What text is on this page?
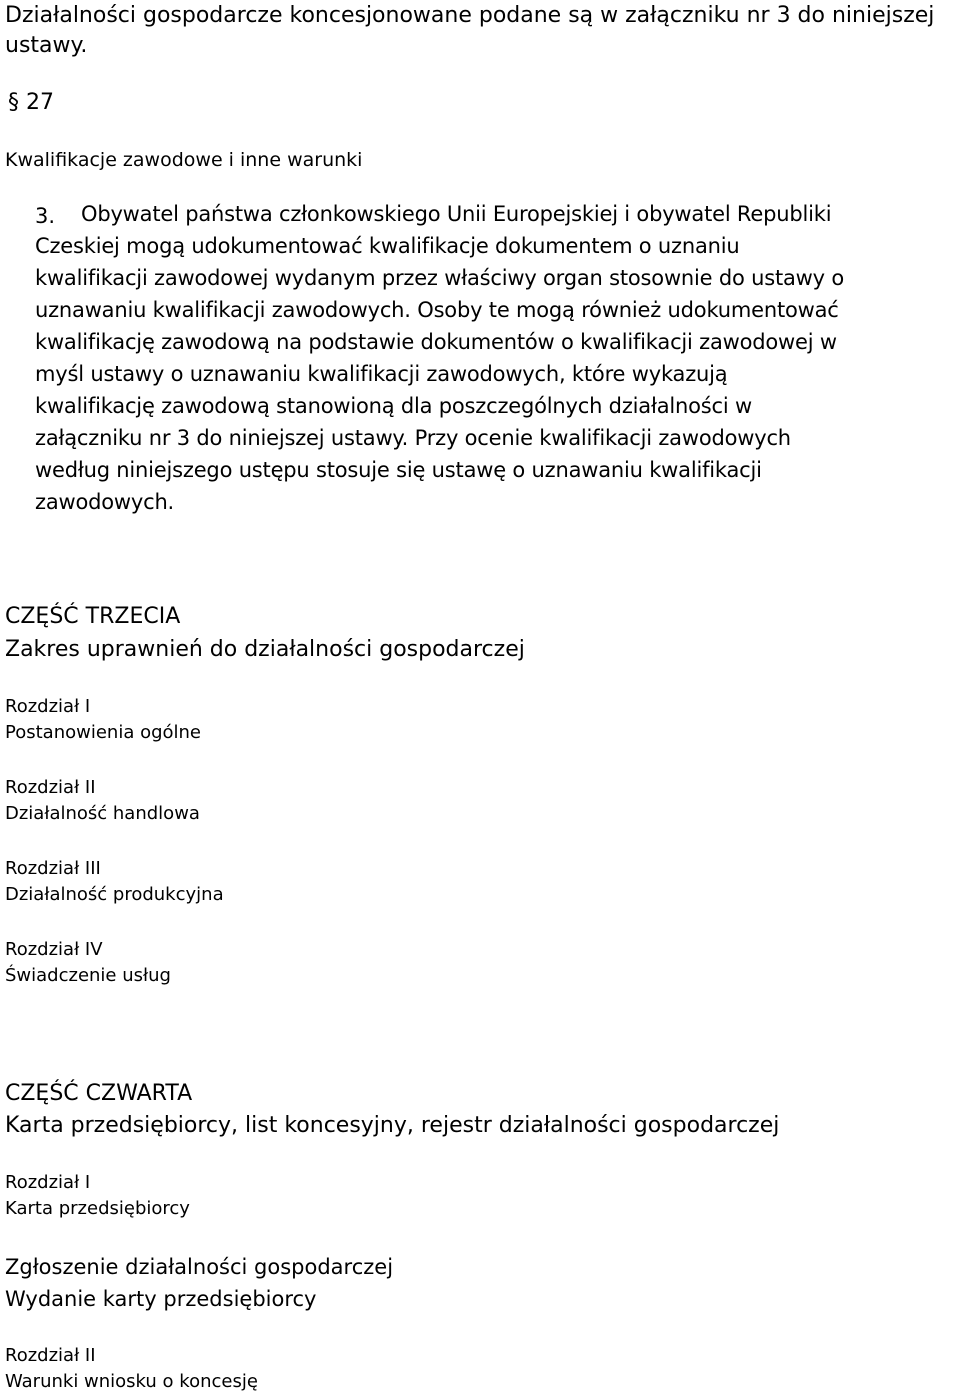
Działalności gospodarcze koncesjonowane podane są w załączniku nr 3 do niniejszej
ustawy.
§ 27
Kwalifikacje zawodowe i inne warunki
3. Obywatel państwa członkowskiego Unii Europejskiej i obywatel Republiki
Czeskiej mogą udokumentować kwalifikacje dokumentem o uznaniu
kwalifikacji zawodowej wydanym przez właściwy organ stosownie do ustawy o
uznawaniu kwalifikacji zawodowych. Osoby te mogą również udokumentować
kwalifikację zawodową na podstawie dokumentów o kwalifikacji zawodowej w
myśl ustawy o uznawaniu kwalifikacji zawodowych, które wykazują
kwalifikację zawodową stanowioną dla poszczególnych działalności w
załączniku nr 3 do niniejszej ustawy. Przy ocenie kwalifikacji zawodowych
według niniejszego ustępu stosuje się ustawę o uznawaniu kwalifikacji
zawodowych.
CZĘŚĆ TRZECIA
Zakres uprawnień do działalności gospodarczej
Rozdział I
Postanowienia ogólne
Rozdział II
Działalność handlowa
Rozdział III
Działalność produkcyjna
Rozdział IV
Świadczenie usług
CZĘŚĆ CZWARTA
Karta przedsiębiorcy, list koncesyjny, rejestr działalności gospodarczej
Rozdział I
Karta przedsiębiorcy
Zgłoszenie działalności gospodarczej
Wydanie karty przedsiębiorcy
Rozdział II
Warunki wniosku o koncesję
